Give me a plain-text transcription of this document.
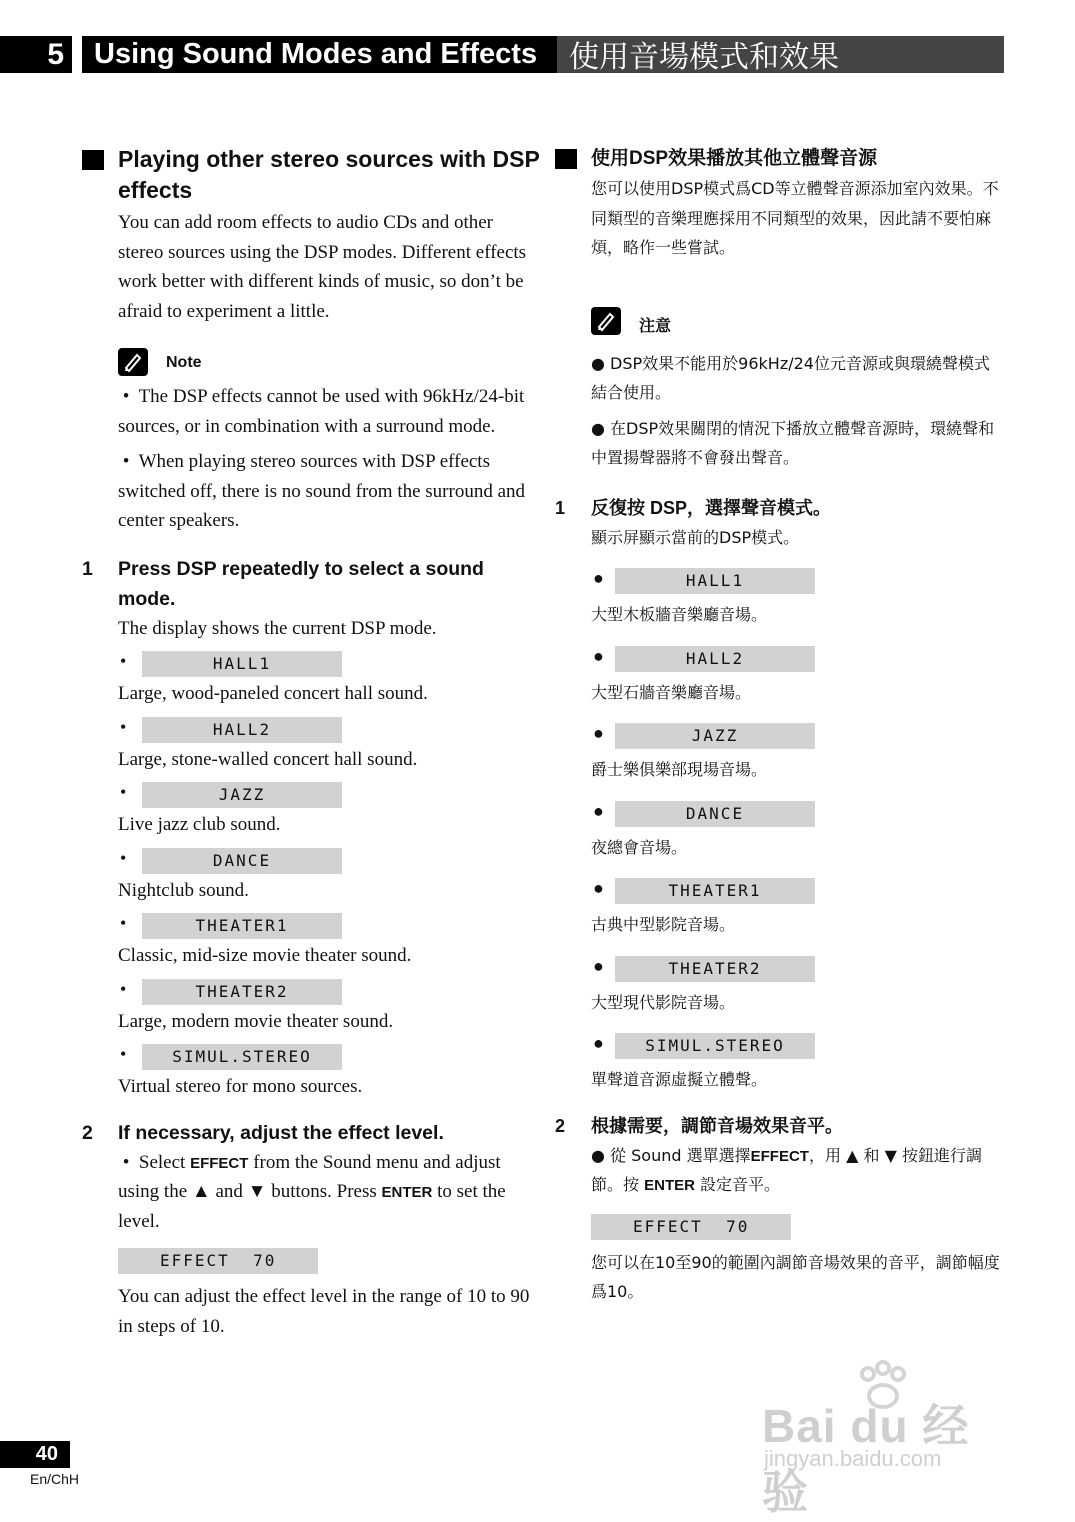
5	Using Sound Modes and Effects	使用音場模式和效果
Playing other stereo sources with DSP effects
You can add room effects to audio CDs and other stereo sources using the DSP modes. Different effects work better with different kinds of music, so don’t be afraid to experiment a little.
Note
•  The DSP effects cannot be used with 96kHz/24-bit sources, or in combination with a surround mode.
•  When playing stereo sources with DSP effects switched off, there is no sound from the surround and center speakers.
1 Press DSP repeatedly to select a sound mode.
The display shows the current DSP mode.
•	HALL1
Large, wood-paneled concert hall sound.
•	HALL2
Large, stone-walled concert hall sound.
•	JAZZ
Live jazz club sound.
•	DANCE
Nightclub sound.
•	THEATER1
Classic, mid-size movie theater sound.
•	THEATER2
Large, modern movie theater sound.
•	SIMUL.STEREO
Virtual stereo for mono sources.
2 If necessary, adjust the effect level.
•  Select EFFECT from the Sound menu and adjust using the ▲ and ▼ buttons. Press ENTER to set the level.
EFFECT  70
You can adjust the effect level in the range of 10 to 90 in steps of 10.
使用DSP效果播放其他立體聲音源
您可以使用DSP模式爲CD等立體聲音源添加室內效果。不同類型的音樂理應採用不同類型的效果，因此請不要怕麻煩，略作一些嘗試。
注意
● DSP效果不能用於96kHz/24位元音源或與環繞聲模式結合使用。
● 在DSP效果關閉的情況下播放立體聲音源時，環繞聲和中置揚聲器將不會發出聲音。
1 反復按 DSP，選擇聲音模式。
顯示屏顯示當前的DSP模式。
●	HALL1
大型木板牆音樂廳音場。
●	HALL2
大型石牆音樂廳音場。
●	JAZZ
爵士樂俱樂部現場音場。
●	DANCE
夜總會音場。
●	THEATER1
古典中型影院音場。
●	THEATER2
大型現代影院音場。
●	SIMUL.STEREO
單聲道音源虛擬立體聲。
2 根據需要，調節音場效果音平。
● 從 Sound 選單選擇EFFECT，用 ▲ 和 ▼ 按鈕進行調節。按 ENTER 設定音平。
EFFECT  70
您可以在10至90的範圍內調節音場效果的音平，調節幅度爲10。
40
En/ChH
Bai du 经验
jingyan.baidu.com
